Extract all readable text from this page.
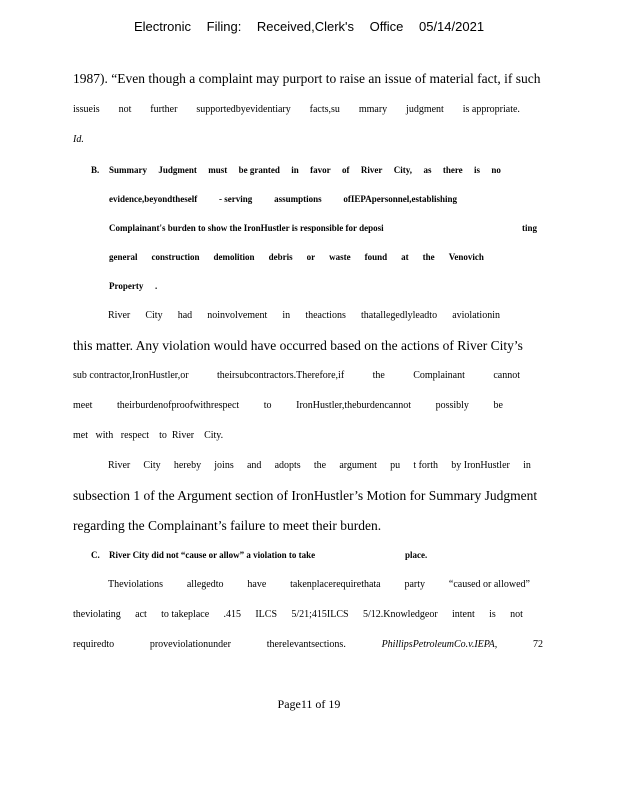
Electronic Filing: Received,Clerk's Office 05/14/2021
1987). “Even though a complaint may purport to raise an issue of material fact, if such
issueis not further supportedbyevidentiary facts,su mmary judgment is appropriate.
Id.
B.	Summary Judgment must be granted in favor of River City, as there is no
evidence,beyondtheself - serving assumptions ofIEPApersonnel,establishing
Complainant's burden to show the IronHustler is responsible for deposi	ting
general construction demolition debris or waste found at the Venovich
Property	.
River City had noinvolvement in theactions thatallegedlyleadto aviolationin
this matter. Any violation would have occurred based on the actions of River City’s
sub contractor,IronHustler,or	theirsubcontractors.Therefore,if	the	Complainant	cannot
meet theirburdenofproofwithrespect to IronHustler,theburdencannot possibly be
met   with   respect    to  River    City.
River City hereby joins and adopts the argument pu t forth by IronHustler in
subsection 1 of the Argument section of IronHustler’s Motion for Summary Judgment
regarding the Complainant’s failure to meet their burden.
C.	River City did not “cause or allow” a violation to take	place.
Theviolations allegedto have takenplacerequirethata party “caused or allowed”
theviolating act to takeplace .415 ILCS 5/21;415ILCS 5/12.Knowledgeor intent is not
requiredto	proveviolationunder	therelevantsections.	PhillipsPetroleumCo.v.IEPA,	72
Page11 of 19
